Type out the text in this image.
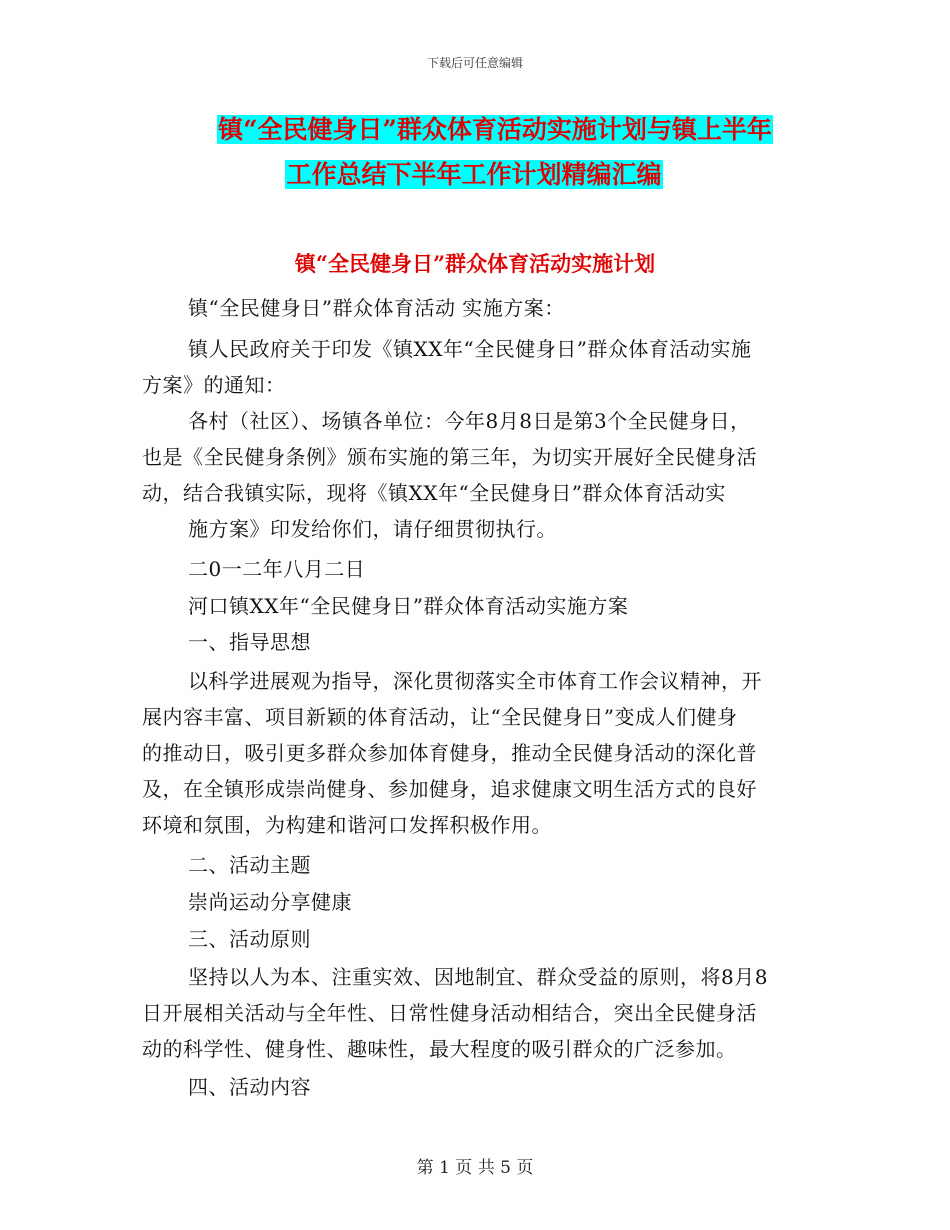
下载后可任意编辑
镇“全民健身日”群众体育活动实施计划与镇上半年
工作总结下半年工作计划精编汇编
镇“全民健身日”群众体育活动实施计划
镇“全民健身日”群众体育活动 实施方案：
镇人民政府关于印发《镇XX年“全民健身日”群众体育活动实施
方案》的通知：
各村（社区）、场镇各单位：今年8月8日是第3个全民健身日，
也是《全民健身条例》颁布实施的第三年，为切实开展好全民健身活
动，结合我镇实际，现将《镇XX年“全民健身日”群众体育活动实
施方案》印发给你们，请仔细贯彻执行。
二0一二年八月二日
河口镇XX年“全民健身日”群众体育活动实施方案
一、指导思想
以科学进展观为指导，深化贯彻落实全市体育工作会议精神，开
展内容丰富、项目新颖的体育活动，让“全民健身日”变成人们健身
的推动日，吸引更多群众参加体育健身，推动全民健身活动的深化普
及，在全镇形成崇尚健身、参加健身，追求健康文明生活方式的良好
环境和氛围，为构建和谐河口发挥积极作用。
二、活动主题
崇尚运动分享健康
三、活动原则
坚持以人为本、注重实效、因地制宜、群众受益的原则，将8月8
日开展相关活动与全年性、日常性健身活动相结合，突出全民健身活
动的科学性、健身性、趣味性，最大程度的吸引群众的广泛参加。
四、活动内容
第 1 页 共 5 页
